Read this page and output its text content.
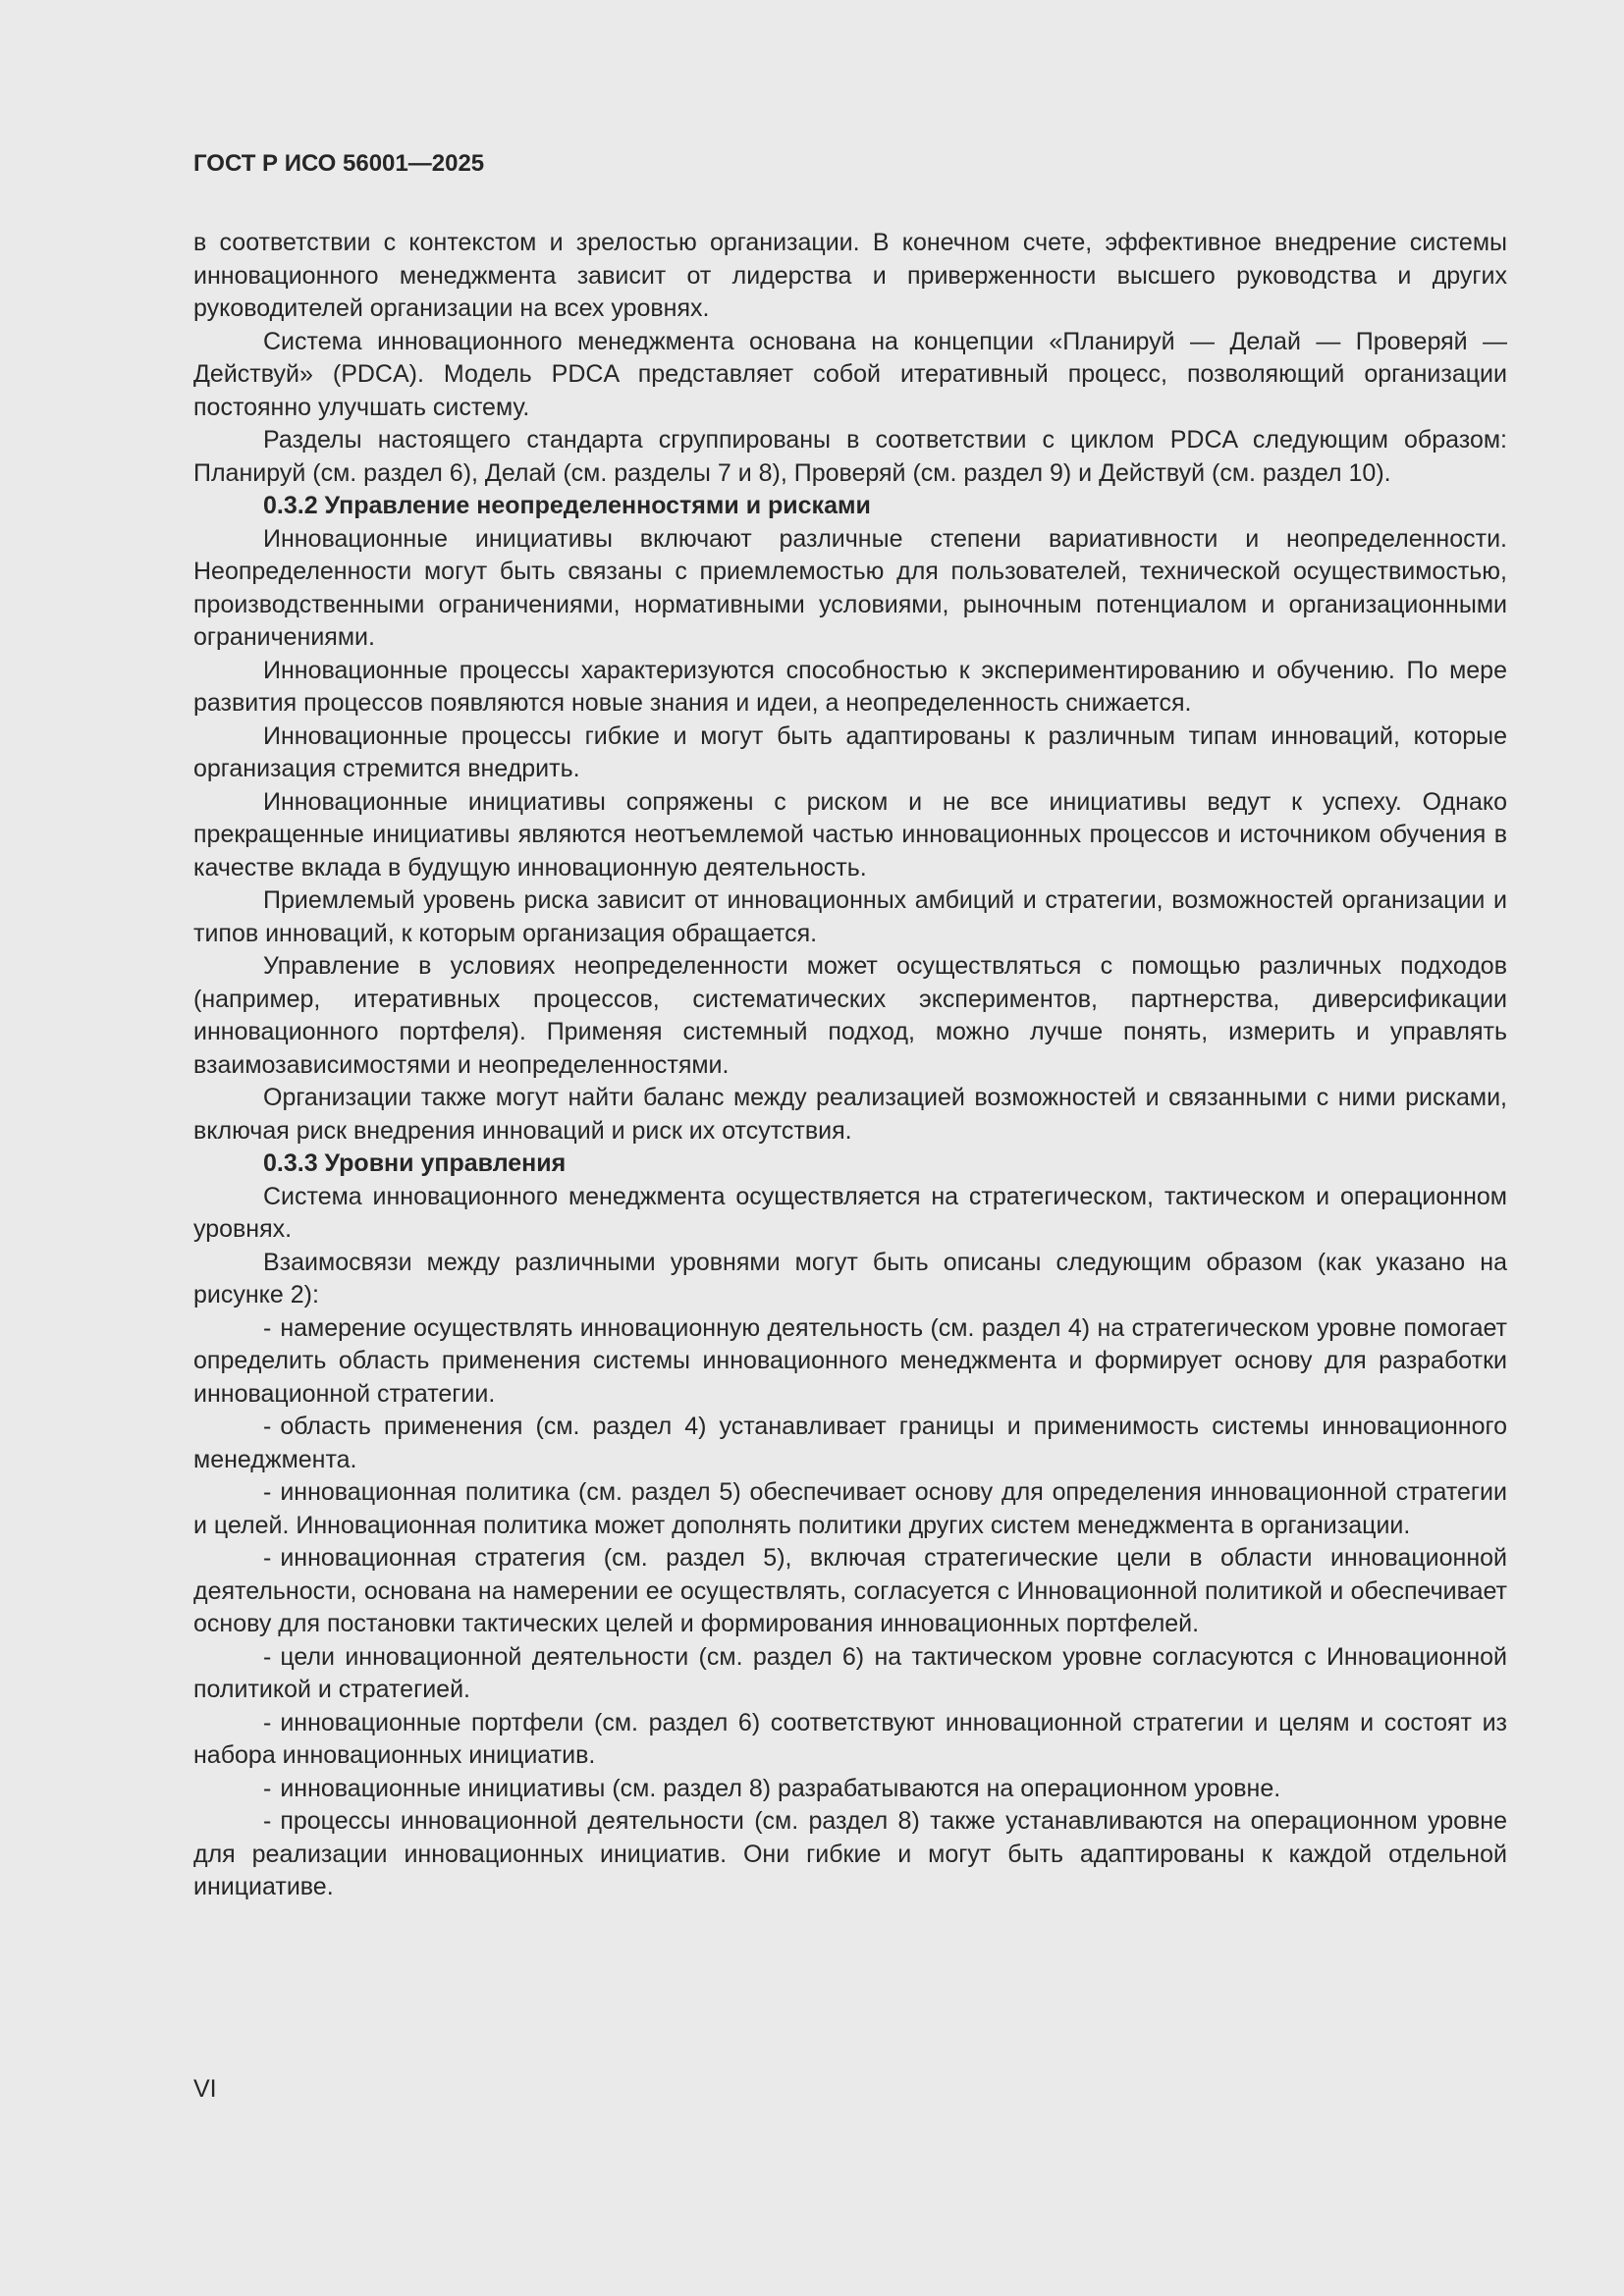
ГОСТ Р ИСО 56001—2025

в соответствии с контекстом и зрелостью организации. В конечном счете, эффективное внедрение системы инновационного менеджмента зависит от лидерства и приверженности высшего руководства и других руководителей организации на всех уровнях.

Система инновационного менеджмента основана на концепции «Планируй — Делай — Проверяй — Действуй» (PDCA). Модель PDCA представляет собой итеративный процесс, позволяющий организации постоянно улучшать систему.

Разделы настоящего стандарта сгруппированы в соответствии с циклом PDCA следующим образом: Планируй (см. раздел 6), Делай (см. разделы 7 и 8), Проверяй (см. раздел 9) и Действуй (см. раздел 10).

0.3.2 Управление неопределенностями и рисками

Инновационные инициативы включают различные степени вариативности и неопределенности. Неопределенности могут быть связаны с приемлемостью для пользователей, технической осуществимостью, производственными ограничениями, нормативными условиями, рыночным потенциалом и организационными ограничениями.

Инновационные процессы характеризуются способностью к экспериментированию и обучению. По мере развития процессов появляются новые знания и идеи, а неопределенность снижается.

Инновационные процессы гибкие и могут быть адаптированы к различным типам инноваций, которые организация стремится внедрить.

Инновационные инициативы сопряжены с риском и не все инициативы ведут к успеху. Однако прекращенные инициативы являются неотъемлемой частью инновационных процессов и источником обучения в качестве вклада в будущую инновационную деятельность.

Приемлемый уровень риска зависит от инновационных амбиций и стратегии, возможностей организации и типов инноваций, к которым организация обращается.

Управление в условиях неопределенности может осуществляться с помощью различных подходов (например, итеративных процессов, систематических экспериментов, партнерства, диверсификации инновационного портфеля). Применяя системный подход, можно лучше понять, измерить и управлять взаимозависимостями и неопределенностями.

Организации также могут найти баланс между реализацией возможностей и связанными с ними рисками, включая риск внедрения инноваций и риск их отсутствия.

0.3.3 Уровни управления

Система инновационного менеджмента осуществляется на стратегическом, тактическом и операционном уровнях.

Взаимосвязи между различными уровнями могут быть описаны следующим образом (как указано на рисунке 2):

- намерение осуществлять инновационную деятельность (см. раздел 4) на стратегическом уровне помогает определить область применения системы инновационного менеджмента и формирует основу для разработки инновационной стратегии.

- область применения (см. раздел 4) устанавливает границы и применимость системы инновационного менеджмента.

- инновационная политика (см. раздел 5) обеспечивает основу для определения инновационной стратегии и целей. Инновационная политика может дополнять политики других систем менеджмента в организации.

- инновационная стратегия (см. раздел 5), включая стратегические цели в области инновационной деятельности, основана на намерении ее осуществлять, согласуется с Инновационной политикой и обеспечивает основу для постановки тактических целей и формирования инновационных портфелей.

- цели инновационной деятельности (см. раздел 6) на тактическом уровне согласуются с Инновационной политикой и стратегией.

- инновационные портфели (см. раздел 6) соответствуют инновационной стратегии и целям и состоят из набора инновационных инициатив.

- инновационные инициативы (см. раздел 8) разрабатываются на операционном уровне.

- процессы инновационной деятельности (см. раздел 8) также устанавливаются на операционном уровне для реализации инновационных инициатив. Они гибкие и могут быть адаптированы к каждой отдельной инициативе.

VI
